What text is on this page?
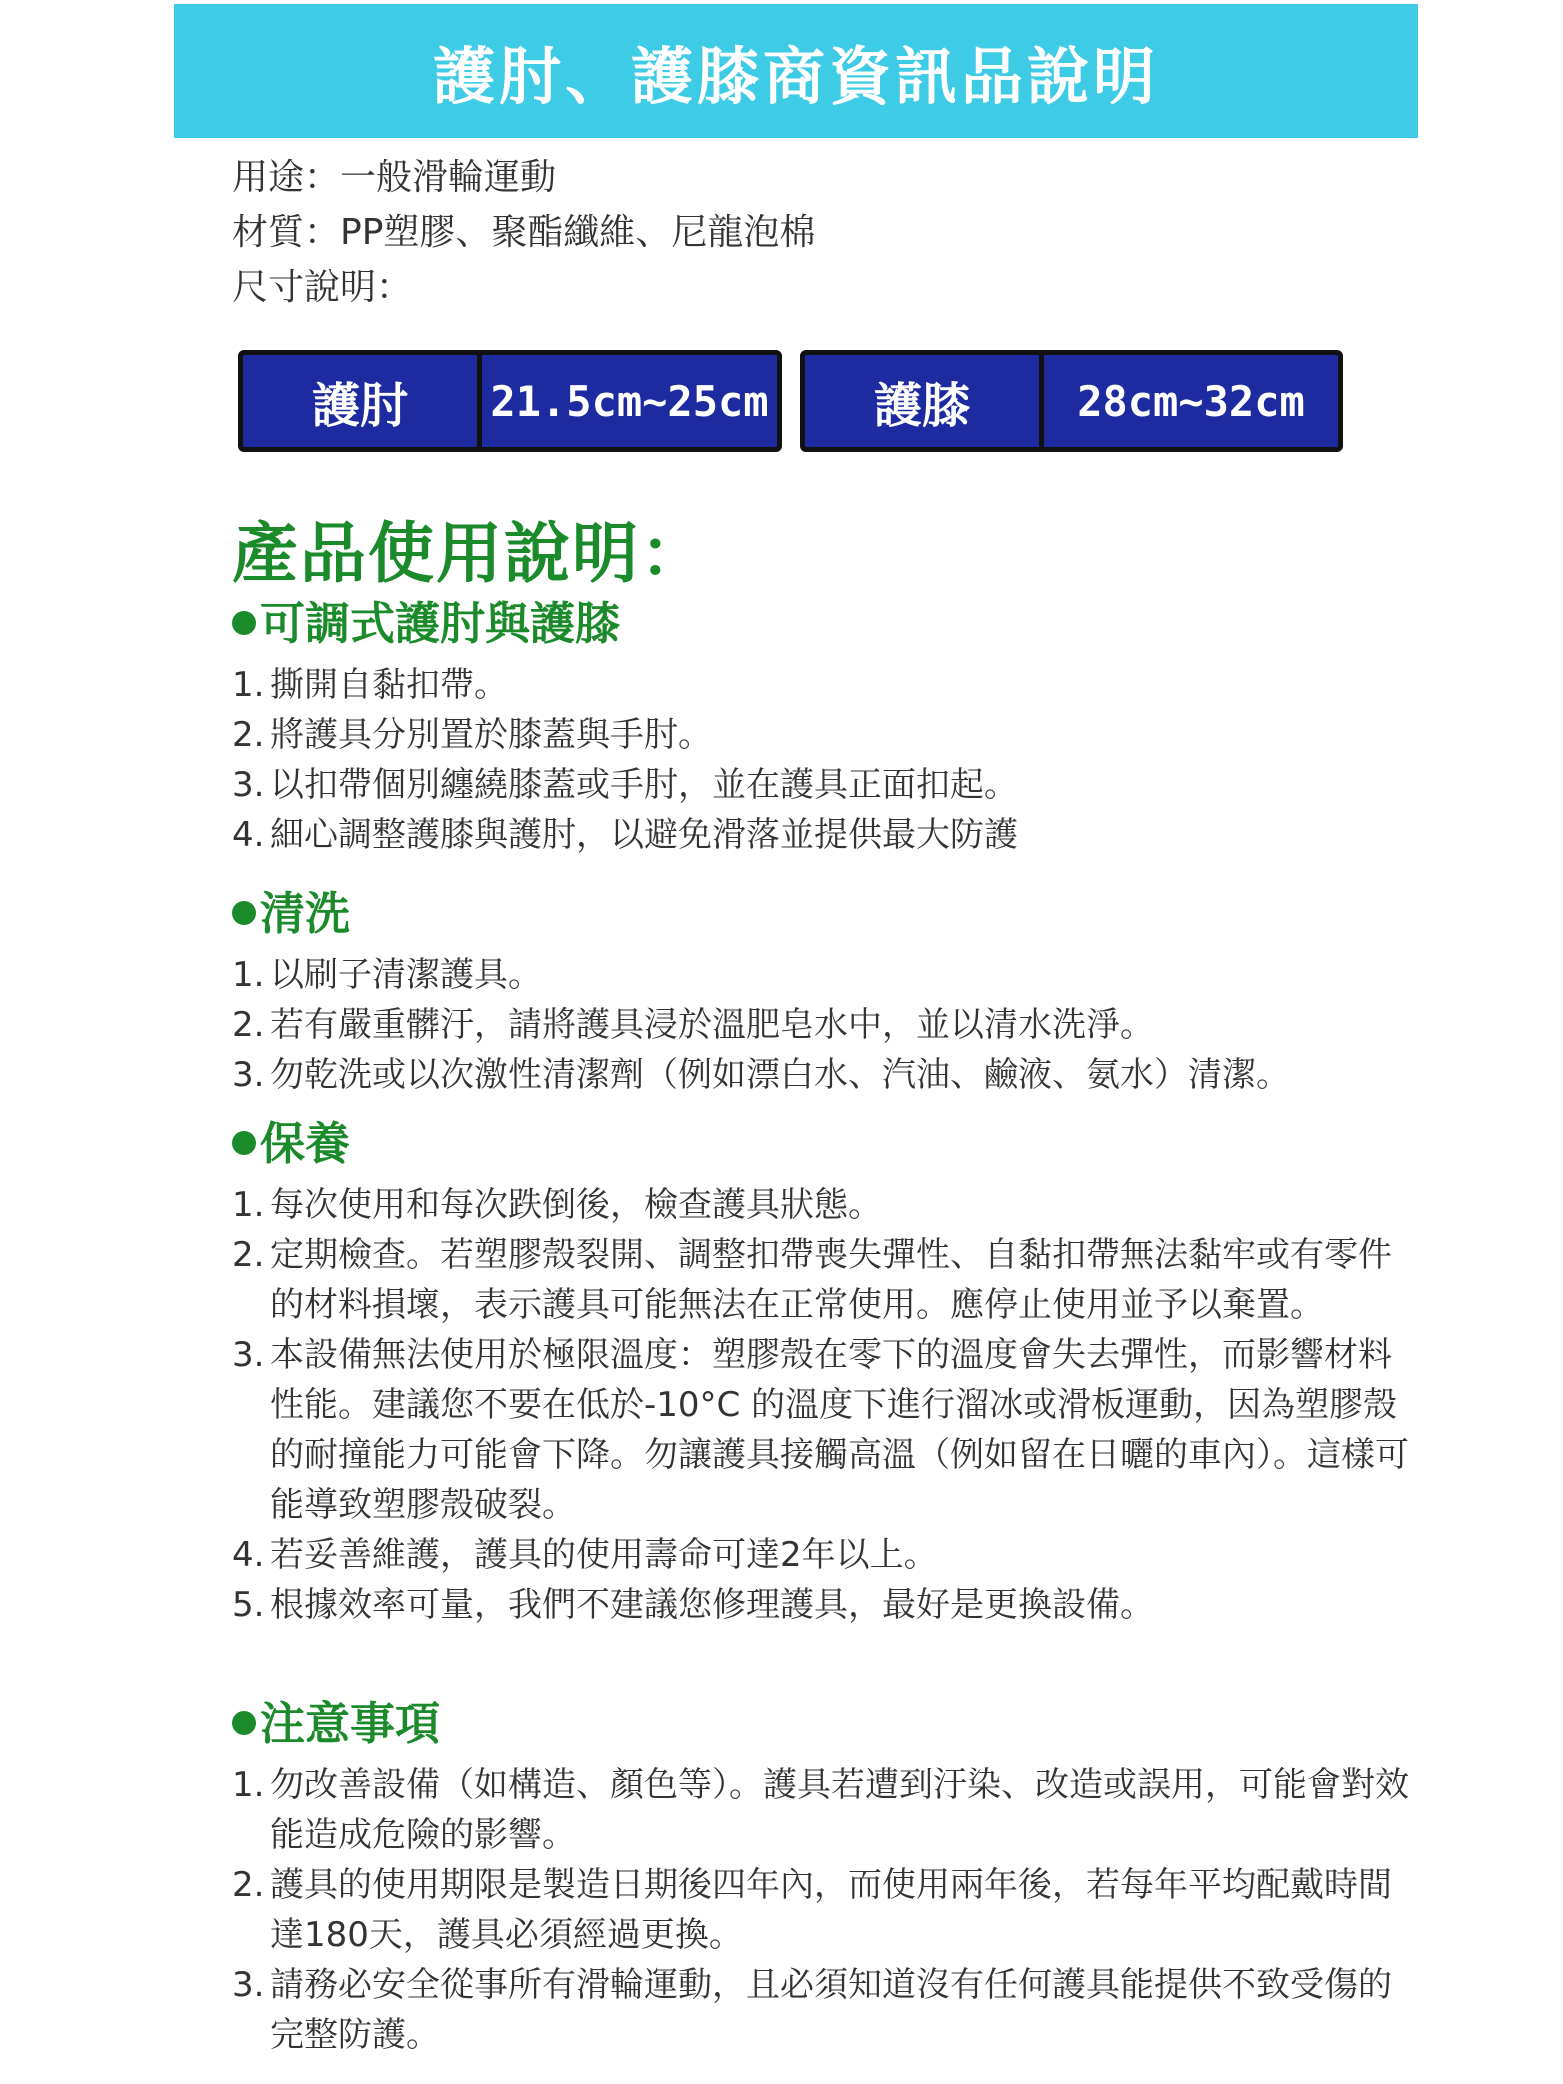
護肘、護膝商資訊品說明
用途：一般滑輪運動
材質：PP塑膠、聚酯纖維、尼龍泡棉
尺寸說明：
護肘	21.5cm~25cm	護膝	28cm~32cm
產品使用說明：
可調式護肘與護膝
1. 撕開自黏扣帶。
2. 將護具分別置於膝蓋與手肘。
3. 以扣帶個別纏繞膝蓋或手肘，並在護具正面扣起。
4. 細心調整護膝與護肘，以避免滑落並提供最大防護
清洗
1. 以刷子清潔護具。
2. 若有嚴重髒汙，請將護具浸於溫肥皂水中，並以清水洗淨。
3. 勿乾洗或以次激性清潔劑（例如漂白水、汽油、鹼液、氨水）清潔。
保養
1. 每次使用和每次跌倒後，檢查護具狀態。
2. 定期檢查。若塑膠殼裂開、調整扣帶喪失彈性、自黏扣帶無法黏牢或有零件的材料損壞，表示護具可能無法在正常使用。應停止使用並予以棄置。
3. 本設備無法使用於極限溫度：塑膠殼在零下的溫度會失去彈性，而影響材料性能。建議您不要在低於-10°C 的溫度下進行溜冰或滑板運動，因為塑膠殼的耐撞能力可能會下降。勿讓護具接觸高溫（例如留在日曬的車內）。這樣可能導致塑膠殼破裂。
4. 若妥善維護，護具的使用壽命可達2年以上。
5. 根據效率可量，我們不建議您修理護具，最好是更換設備。
注意事項
1. 勿改善設備（如構造、顏色等）。護具若遭到汙染、改造或誤用，可能會對效能造成危險的影響。
2. 護具的使用期限是製造日期後四年內，而使用兩年後，若每年平均配戴時間達180天，護具必須經過更換。
3. 請務必安全從事所有滑輪運動，且必須知道沒有任何護具能提供不致受傷的完整防護。
